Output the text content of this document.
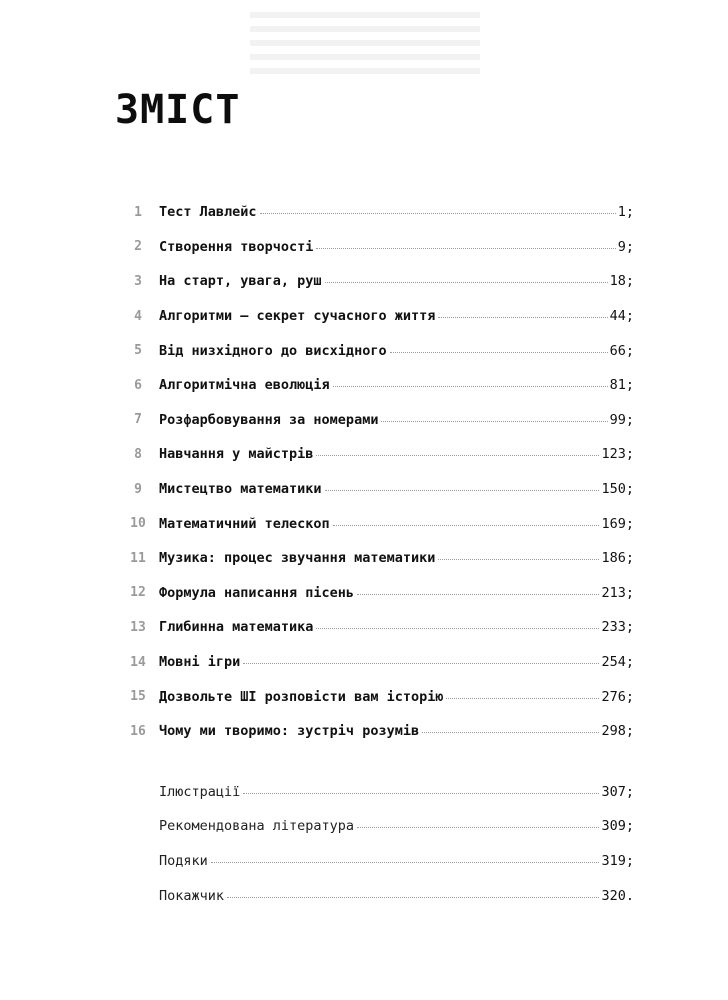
ЗМІСТ
1	Тест Лавлейс	1;
2	Створення творчості	9;
3	На старт, увага, руш	18;
4	Алгоритми — секрет сучасного життя	44;
5	Від низхідного до висхідного	66;
6	Алгоритмічна еволюція	81;
7	Розфарбовування за номерами	99;
8	Навчання у майстрів	123;
9	Мистецтво математики	150;
10 Математичний телескоп	169;
11 Музика: процес звучання математики	186;
12 Формула написання пісень	213;
13 Глибинна математика	233;
14 Мовні ігри	254;
15 Дозвольте ШІ розповісти вам історію	276;
16 Чому ми творимо: зустріч розумів	298;
Ілюстрації	307;
Рекомендована література	309;
Подяки	319;
Покажчик	320.
